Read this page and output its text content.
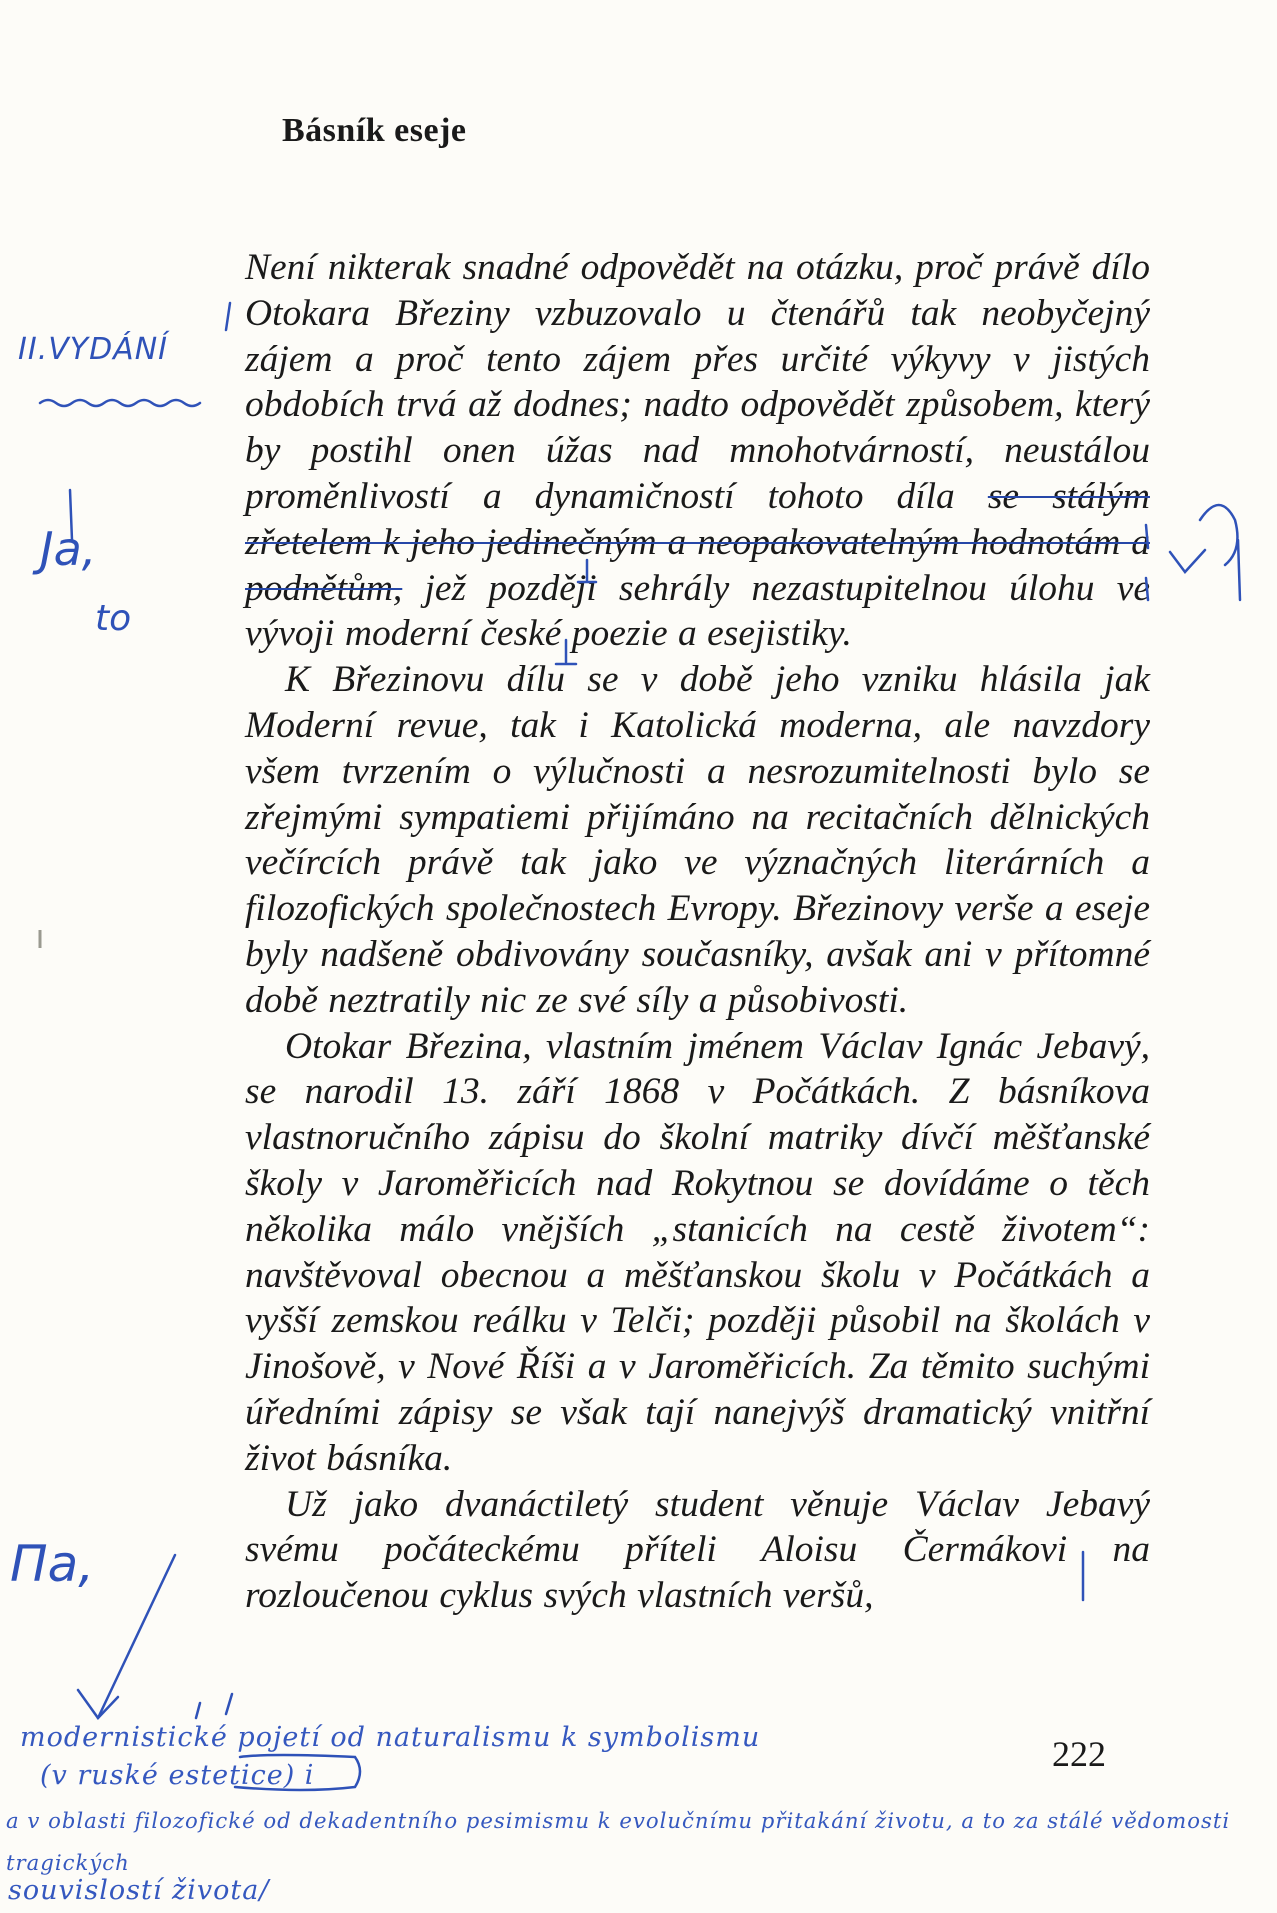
Básník eseje

Není nikterak snadné odpovědět na otázku, proč právě dílo Otokara Březiny vzbuzovalo u čtenářů tak neobyčejný zájem a proč tento zájem přes určité výkyvy v jistých obdobích trvá až dodnes; nadto odpovědět způsobem, který by postihl onen úžas nad mnohotvárností, neustálou proměnlivostí a dynamičností tohoto díla se stálým zřetelem k jeho jedinečným a neopakovatelným hodnotám a podnětům, jež později sehrály nezastupitelnou úlohu ve vývoji moderní české poezie a esejistiky.

K Březinovu dílu se v době jeho vzniku hlásila jak Moderní revue, tak i Katolická moderna, ale navzdory všem tvrzením o výlučnosti a nesrozumitelnosti bylo se zřejmými sympatiemi přijímáno na recitačních dělnických večírcích právě tak jako ve význačných literárních a filozofických společnostech Evropy. Březinovy verše a eseje byly nadšeně obdivovány současníky, avšak ani v přítomné době neztratily nic ze své síly a působivosti.

Otokar Březina, vlastním jménem Václav Ignác Jebavý, se narodil 13. září 1868 v Počátkách. Z básníkova vlastnoručního zápisu do školní matriky dívčí měšťanské školy v Jaroměřicích nad Rokytnou se dovídáme o těch několika málo vnějších „stanicích na cestě životem“: navštěvoval obecnou a měšťanskou školu v Počátkách a vyšší zemskou reálku v Telči; později působil na školách v Jinošově, v Nové Říši a v Jaroměřicích. Za těmito suchými úředními zápisy se však tají nanejvýš dramatický vnitřní život básníka.

Už jako dvanáctiletý student věnuje Václav Jebavý svému počáteckému příteli Aloisu Čermákovi na rozloučenou cyklus svých vlastních veršů,

222
II.VYDÁNÍ
Ja,
to
Πa,
modernistické pojetí od naturalismu k symbolismu
(v ruské estetice) i
a v oblasti filozofické od dekadentního pesimismu k evolučnímu přitakání životu, a to za stálé vědomosti tragických
souvislostí života/
